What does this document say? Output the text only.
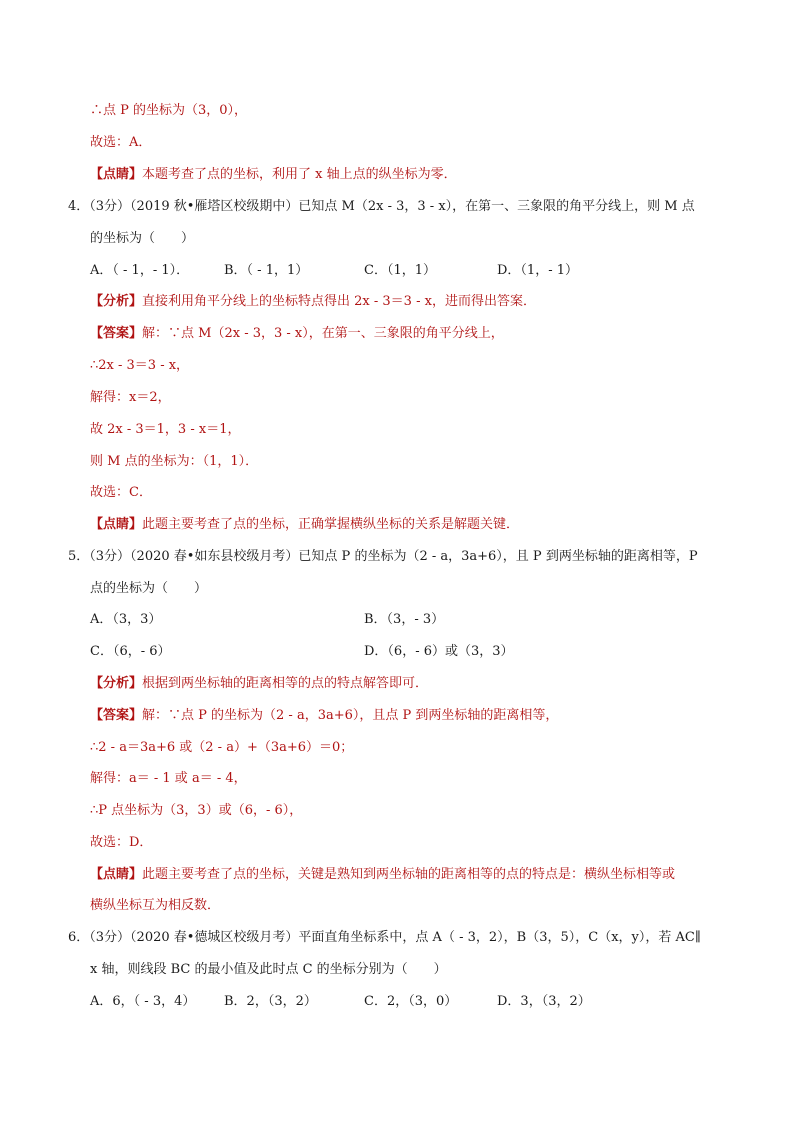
∴点 P 的坐标为（3，0），
故选：A．
【点睛】本题考查了点的坐标，利用了 x 轴上点的纵坐标为零．
4．（3分）（2019 秋•雁塔区校级期中）已知点 M（2x - 3，3 - x），在第一、三象限的角平分线上，则 M 点
的坐标为（　　）
A．（ - 1，- 1）．	B．（ - 1，1）	C．（1，1）	D．（1，- 1）
【分析】直接利用角平分线上的坐标特点得出 2x - 3＝3 - x，进而得出答案．
【答案】解：∵点 M（2x - 3，3 - x），在第一、三象限的角平分线上，
∴2x - 3＝3 - x，
解得：x＝2，
故 2x - 3＝1，3 - x＝1，
则 M 点的坐标为：（1，1）．
故选：C．
【点睛】此题主要考查了点的坐标，正确掌握横纵坐标的关系是解题关键．
5．（3分）（2020 春•如东县校级月考）已知点 P 的坐标为（2 - a，3a+6），且 P 到两坐标轴的距离相等，P
点的坐标为（　　）
A．（3，3）	B．（3，- 3）
C．（6，- 6）	D．（6，- 6）或（3，3）
【分析】根据到两坐标轴的距离相等的点的特点解答即可．
【答案】解：∵点 P 的坐标为（2 - a，3a+6），且点 P 到两坐标轴的距离相等，
∴2 - a＝3a+6 或（2 - a）+（3a+6）＝0；
解得：a＝ - 1 或 a＝ - 4，
∴P 点坐标为（3，3）或（6，- 6），
故选：D．
【点睛】此题主要考查了点的坐标，关键是熟知到两坐标轴的距离相等的点的特点是：横纵坐标相等或
横纵坐标互为相反数．
6．（3分）（2020 春•德城区校级月考）平面直角坐标系中，点 A（ - 3，2），B（3，5），C（x，y），若 AC∥
x 轴，则线段 BC 的最小值及此时点 C 的坐标分别为（　　）
A．6，（ - 3，4） B．2，（3，2）	C．2，（3，0）	D．3，（3，2）
